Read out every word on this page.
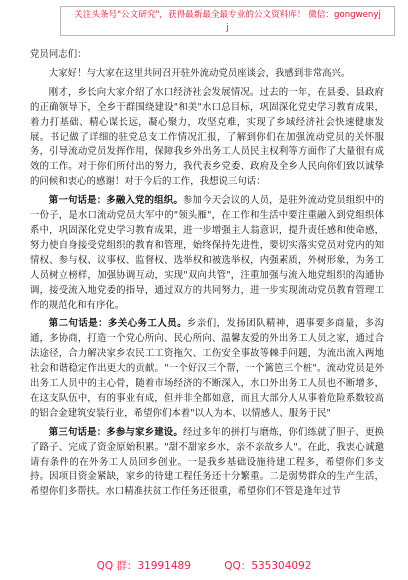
关注头条号"公文研究"，获得最新最全最专业的公文资料库！ 微信：gongwenyj
j

党员同志们：

大家好！与大家在这里共同召开驻外流动党员座谈会，我感到非常高兴。

刚才，乡长向大家介绍了水口经济社会发展情况。过去的一年，在县委、县政府的正确领导下，全乡干群围绕建设"和美"水口总目标，巩固深化党史学习教育成果，着力打基础、精心谋长远，凝心聚力，攻坚克难，实现了乡域经济社会快速健康发展。书记做了详细的驻党总支工作情况汇报，了解到你们在加强流动党员的关怀服务，引导流动党员发挥作用，保障我乡外出务工人员民主权利等方面作了大量很有成效的工作。对于你们所付出的努力，我代表乡党委、政府及全乡人民向你们致以诚挚的问候和衷心的感谢！对于今后的工作，我想说三句话：

第一句话是：多融入党的组织。参加今天会议的人员，是驻外流动党员组织中的一份子，是水口流动党员大军中的"领头雁"，在工作和生活中要注重融入到党组织体系中，巩固深化党史学习教育成果，进一步增强主人翁意识，提升责任感和使命感，努力使自身接受党组织的教育和管理，始终保持先进性，要切实落实党员对党内的知情权、参与权、议事权、监督权、选举权和被选举权，内强素质，外树形象，为务工人员树立榜样，加强协调互动，实现"双向共管"，注重加强与流入地党组织的沟通协调，接受流入地党委的指导，通过双方的共同努力，进一步实现流动党员教育管理工作的规范化和有序化。

第二句话是：多关心务工人员。乡亲们，发扬团队精神，遇事要多商量，多沟通，多协商，打造一个党心所向、民心所向、温馨友爱的外出务工人员之家，通过合法途径，合力解决家乡农民工工资拖欠、工伤安全事故等棘手问题，为流出流入两地社会和谐稳定作出更大的贡献。"一个好汉三个帮，一个篱笆三个桩"。流动党员是外出务工人员中的主心骨，随着市场经济的不断深入，水口外出务工人员也不断增多，在这支队伍中，有的事业有成，但并非全都如意，而且大部分人从事着危险系数较高的铝合金建筑安装行业，希望你们本着"以人为本、以情感人、服务于民"

第三句话是：多参与家乡建设。经过多年的拼打与磨炼，你们练就了胆子、更换了路子、完成了资金原始积累。"甜不甜家乡水，亲不亲故乡人"。在此，我衷心诚邀请有条件的在外务工人员回乡创业。一是我乡基础设施待建工程多，希望你们多支持。因项目资金紧缺，家乡的待建工程任务还十分繁重。二是弱势群众的生产生活，希望你们多帮扶。水口精准扶贫工作任务还很重，希望你们不管是逢年过节

QQ 群：31991489	QQ：535304092
